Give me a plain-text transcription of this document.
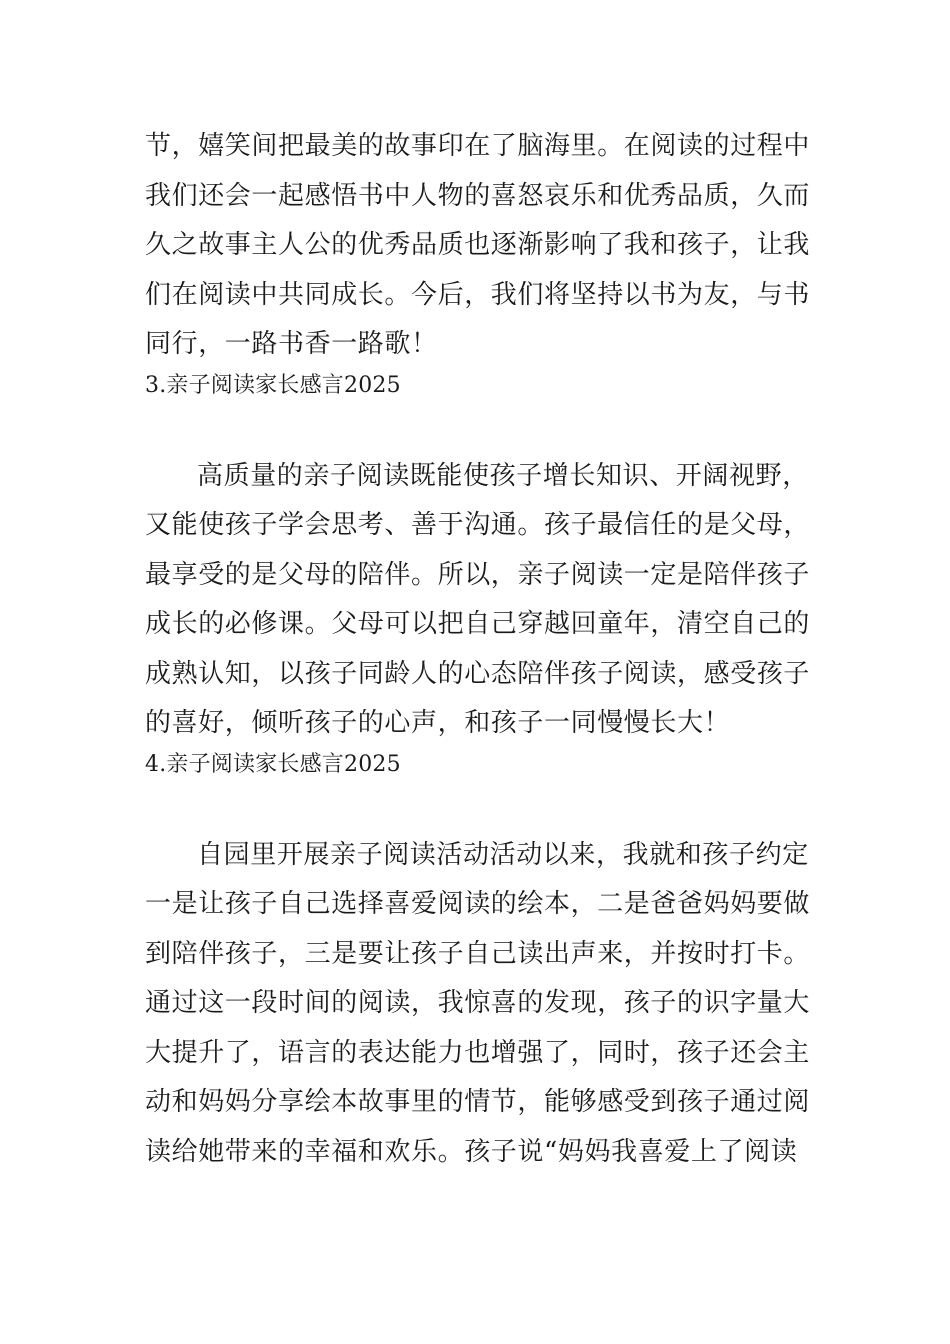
节，嬉笑间把最美的故事印在了脑海里。在阅读的过程中
我们还会一起感悟书中人物的喜怒哀乐和优秀品质，久而
久之故事主人公的优秀品质也逐渐影响了我和孩子，让我
们在阅读中共同成长。今后，我们将坚持以书为友，与书
同行，一路书香一路歌！
3.亲子阅读家长感言2025
高质量的亲子阅读既能使孩子增长知识、开阔视野，
又能使孩子学会思考、善于沟通。孩子最信任的是父母，
最享受的是父母的陪伴。所以，亲子阅读一定是陪伴孩子
成长的必修课。父母可以把自己穿越回童年，清空自己的
成熟认知，以孩子同龄人的心态陪伴孩子阅读，感受孩子
的喜好，倾听孩子的心声，和孩子一同慢慢长大！
4.亲子阅读家长感言2025
自园里开展亲子阅读活动活动以来，我就和孩子约定
一是让孩子自己选择喜爱阅读的绘本，二是爸爸妈妈要做
到陪伴孩子，三是要让孩子自己读出声来，并按时打卡。
通过这一段时间的阅读，我惊喜的发现，孩子的识字量大
大提升了，语言的表达能力也增强了，同时，孩子还会主
动和妈妈分享绘本故事里的情节，能够感受到孩子通过阅
读给她带来的幸福和欢乐。孩子说“妈妈我喜爱上了阅读
